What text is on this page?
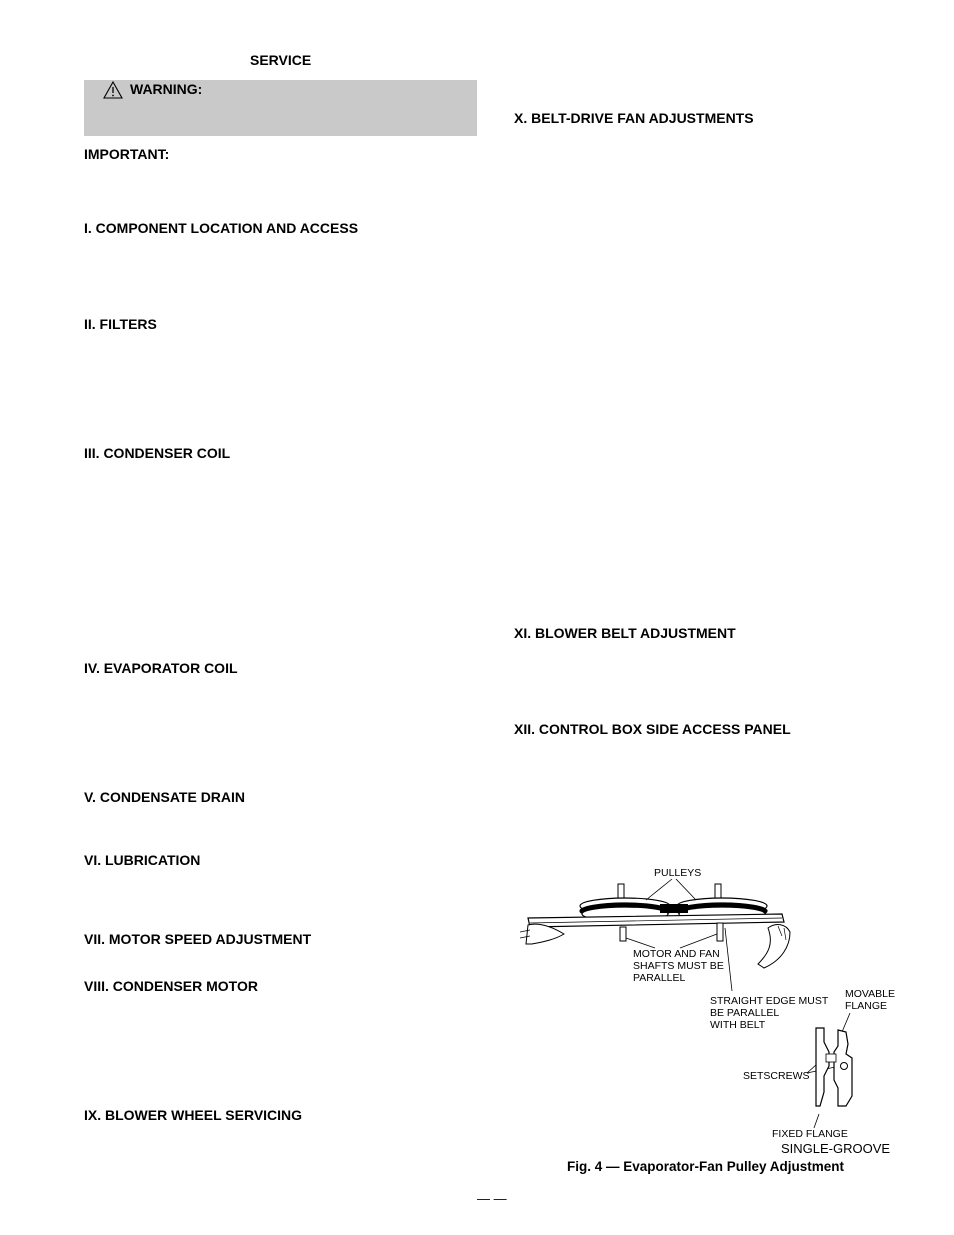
SERVICE
WARNING:
IMPORTANT:
I. COMPONENT LOCATION AND ACCESS
II. FILTERS
III. CONDENSER COIL
IV. EVAPORATOR COIL
V. CONDENSATE DRAIN
VI. LUBRICATION
VII. MOTOR SPEED ADJUSTMENT
VIII. CONDENSER MOTOR
IX. BLOWER WHEEL SERVICING
X. BELT-DRIVE FAN ADJUSTMENTS
XI. BLOWER BELT ADJUSTMENT
XII. CONTROL BOX SIDE ACCESS PANEL
PULLEYS
MOTOR AND FAN
SHAFTS MUST BE
PARALLEL
STRAIGHT EDGE MUST
BE PARALLEL
WITH BELT
MOVABLE
FLANGE
SETSCREWS
FIXED FLANGE
SINGLE-GROOVE
Fig. 4 — Evaporator-Fan Pulley Adjustment
— —
